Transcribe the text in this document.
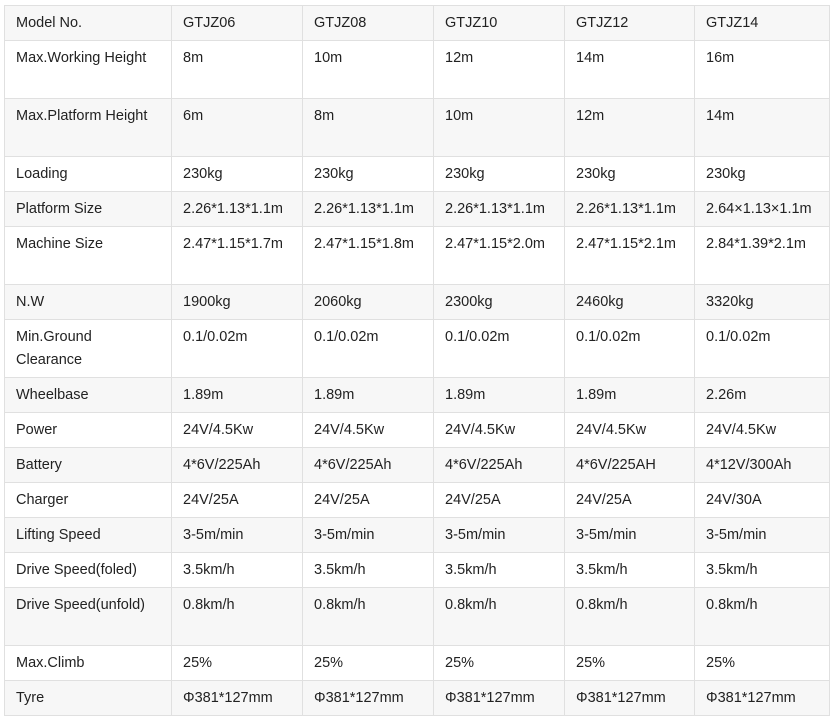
Model No.	GTJZ06	GTJZ08	GTJZ10	GTJZ12	GTJZ14
Max.Working Height	8m	10m	12m	14m	16m
Max.Platform Height	6m	8m	10m	12m	14m
Loading	230kg	230kg	230kg	230kg	230kg
Platform Size	2.26*1.13*1.1m	2.26*1.13*1.1m	2.26*1.13*1.1m	2.26*1.13*1.1m	2.64×1.13×1.1m
Machine Size	2.47*1.15*1.7m	2.47*1.15*1.8m	2.47*1.15*2.0m	2.47*1.15*2.1m	2.84*1.39*2.1m
N.W	1900kg	2060kg	2300kg	2460kg	3320kg
Min.Ground Clearance	0.1/0.02m	0.1/0.02m	0.1/0.02m	0.1/0.02m	0.1/0.02m
Wheelbase	1.89m	1.89m	1.89m	1.89m	2.26m
Power	24V/4.5Kw	24V/4.5Kw	24V/4.5Kw	24V/4.5Kw	24V/4.5Kw
Battery	4*6V/225Ah	4*6V/225Ah	4*6V/225Ah	4*6V/225AH	4*12V/300Ah
Charger	24V/25A	24V/25A	24V/25A	24V/25A	24V/30A
Lifting Speed	3-5m/min	3-5m/min	3-5m/min	3-5m/min	3-5m/min
Drive Speed(foled)	3.5km/h	3.5km/h	3.5km/h	3.5km/h	3.5km/h
Drive Speed(unfold)	0.8km/h	0.8km/h	0.8km/h	0.8km/h	0.8km/h
Max.Climb	25%	25%	25%	25%	25%
Tyre	Φ381*127mm	Φ381*127mm	Φ381*127mm	Φ381*127mm	Φ381*127mm
